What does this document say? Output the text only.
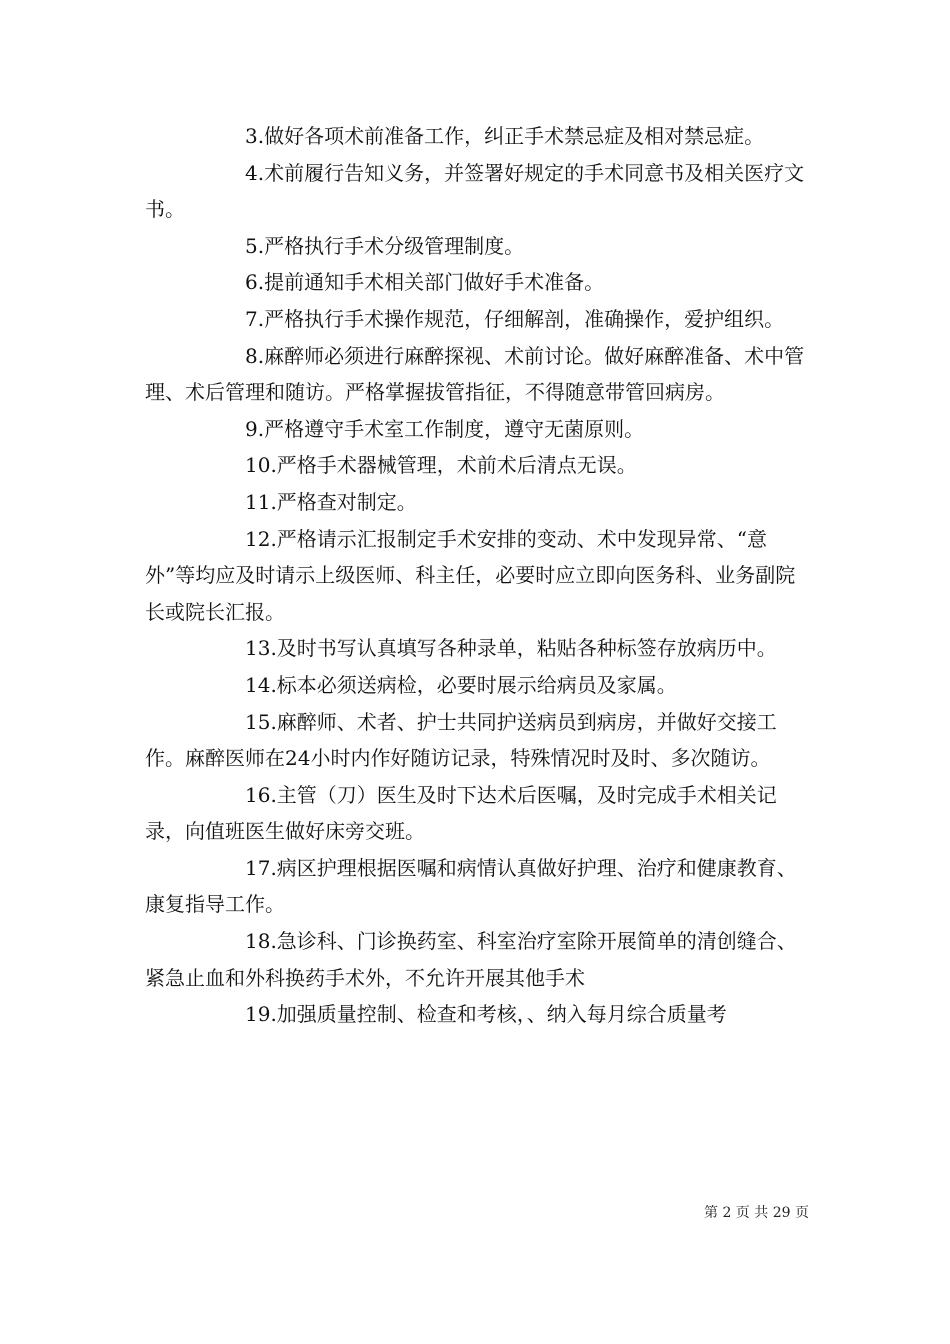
3.做好各项术前准备工作，纠正手术禁忌症及相对禁忌症。

4.术前履行告知义务，并签署好规定的手术同意书及相关医疗文书。

5.严格执行手术分级管理制度。

6.提前通知手术相关部门做好手术准备。

7.严格执行手术操作规范，仔细解剖，准确操作，爱护组织。

8.麻醉师必须进行麻醉探视、术前讨论。做好麻醉准备、术中管理、术后管理和随访。严格掌握拔管指征，不得随意带管回病房。

9.严格遵守手术室工作制度，遵守无菌原则。

10.严格手术器械管理，术前术后清点无误。

11.严格查对制定。

12.严格请示汇报制定手术安排的变动、术中发现异常、“意外”等均应及时请示上级医师、科主任，必要时应立即向医务科、业务副院长或院长汇报。

13.及时书写认真填写各种录单，粘贴各种标签存放病历中。

14.标本必须送病检，必要时展示给病员及家属。

15.麻醉师、术者、护士共同护送病员到病房，并做好交接工作。麻醉医师在24小时内作好随访记录，特殊情况时及时、多次随访。

16.主管（刀）医生及时下达术后医嘱，及时完成手术相关记录，向值班医生做好床旁交班。

17.病区护理根据医嘱和病情认真做好护理、治疗和健康教育、康复指导工作。

18.急诊科、门诊换药室、科室治疗室除开展简单的清创缝合、紧急止血和外科换药手术外，不允许开展其他手术

19.加强质量控制、检查和考核，、纳入每月综合质量考

第 2 页 共 29 页
